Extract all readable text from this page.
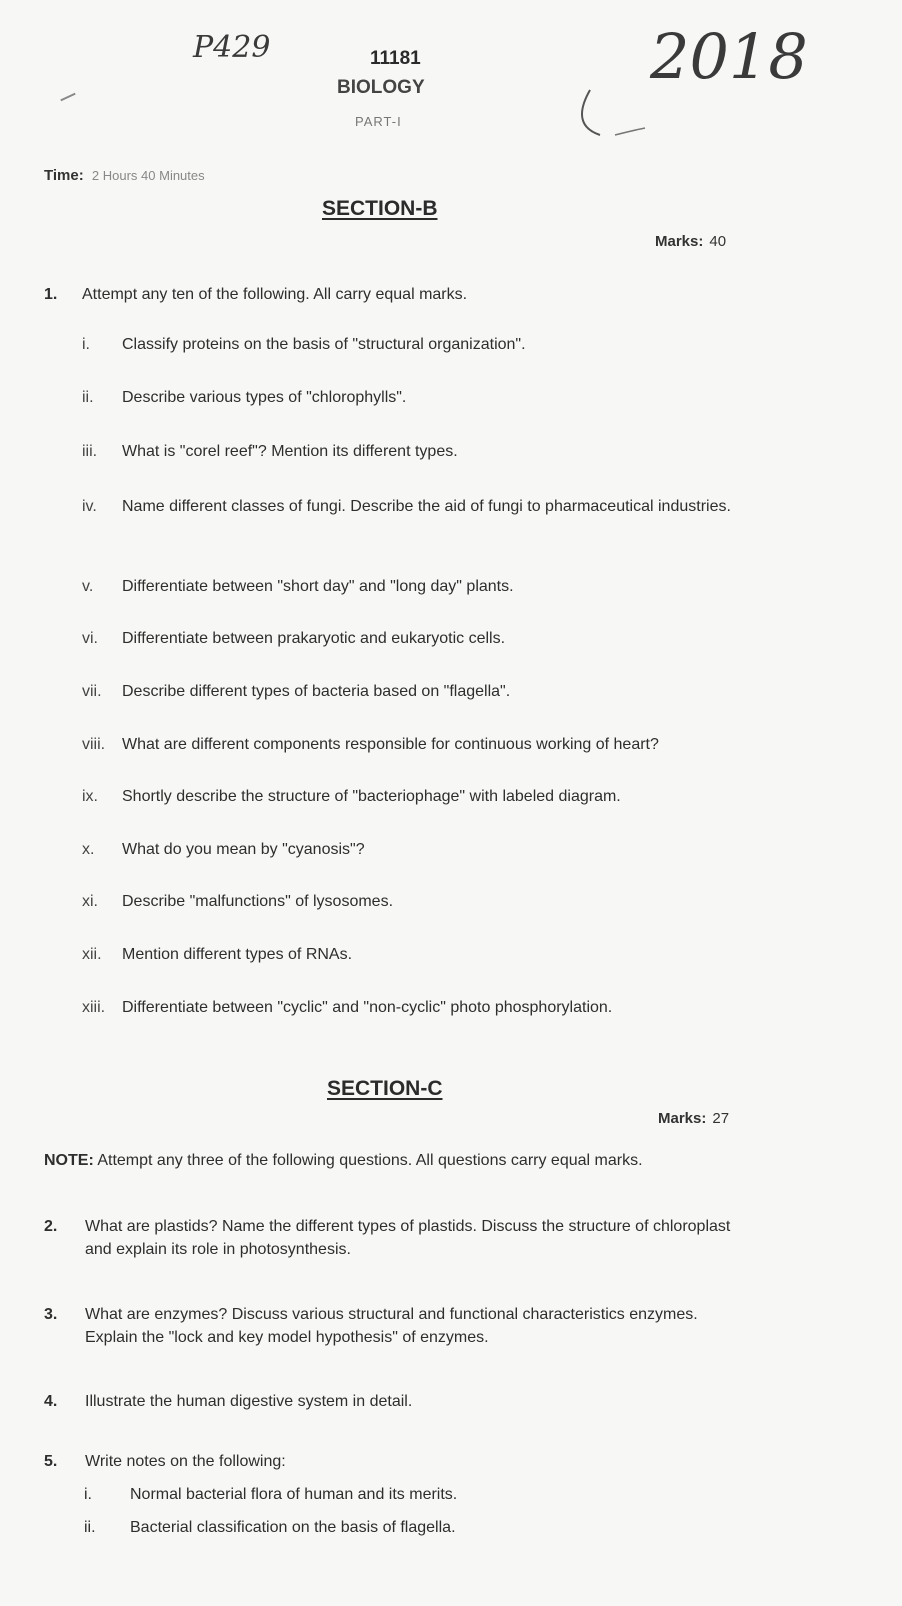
P429	11181
BIOLOGY
PART-I
2018
Time: 2 Hours 40 Minutes
SECTION-B
Marks: 40
1. Attempt any ten of the following. All carry equal marks.
i. Classify proteins on the basis of "structural organization".
ii. Describe various types of "chlorophylls".
iii. What is "corel reef"? Mention its different types.
iv. Name different classes of fungi. Describe the aid of fungi to pharmaceutical industries.
v. Differentiate between "short day" and "long day" plants.
vi. Differentiate between prakaryotic and eukaryotic cells.
vii. Describe different types of bacteria based on "flagella".
viii. What are different components responsible for continuous working of heart?
ix. Shortly describe the structure of "bacteriophage" with labeled diagram.
x. What do you mean by "cyanosis"?
xi. Describe "malfunctions" of lysosomes.
xii. Mention different types of RNAs.
xiii. Differentiate between "cyclic" and "non-cyclic" photo phosphorylation.
SECTION-C
Marks: 27
NOTE: Attempt any three of the following questions. All questions carry equal marks.
2. What are plastids? Name the different types of plastids. Discuss the structure of chloroplast and explain its role in photosynthesis.
3. What are enzymes? Discuss various structural and functional characteristics enzymes. Explain the "lock and key model hypothesis" of enzymes.
4. Illustrate the human digestive system in detail.
5. Write notes on the following:
i. Normal bacterial flora of human and its merits.
ii. Bacterial classification on the basis of flagella.
